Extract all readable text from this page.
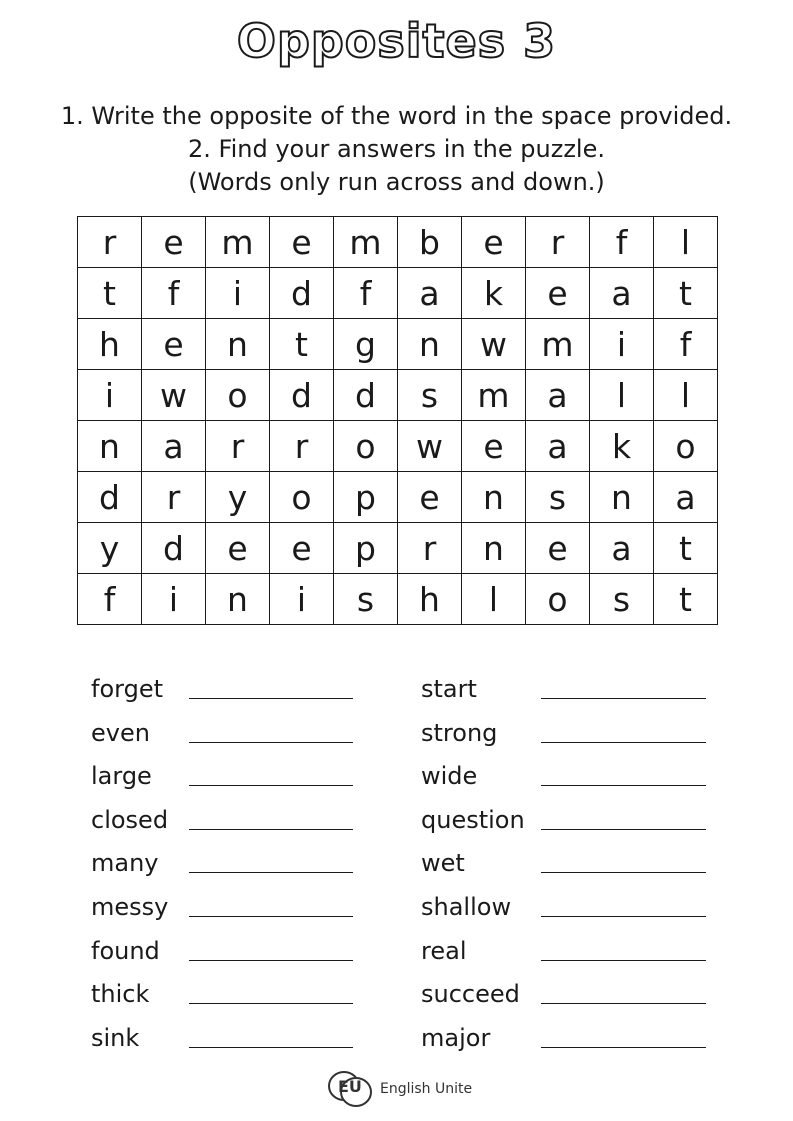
Opposites 3
1. Write the opposite of the word in the space provided.
2. Find your answers in the puzzle.
(Words only run across and down.)
r	e	m	e	m	b	e	r	f	l
t	f	i	d	f	a	k	e	a	t
h	e	n	t	g	n	w	m	i	f
i	w	o	d	d	s	m	a	l	l
n	a	r	r	o	w	e	a	k	o
d	r	y	o	p	e	n	s	n	a
y	d	e	e	p	r	n	e	a	t
f	i	n	i	s	h	l	o	s	t
forget
even
large
closed
many
messy
found
thick
sink
start
strong
wide
question
wet
shallow
real
succeed
major
EU English Unite
